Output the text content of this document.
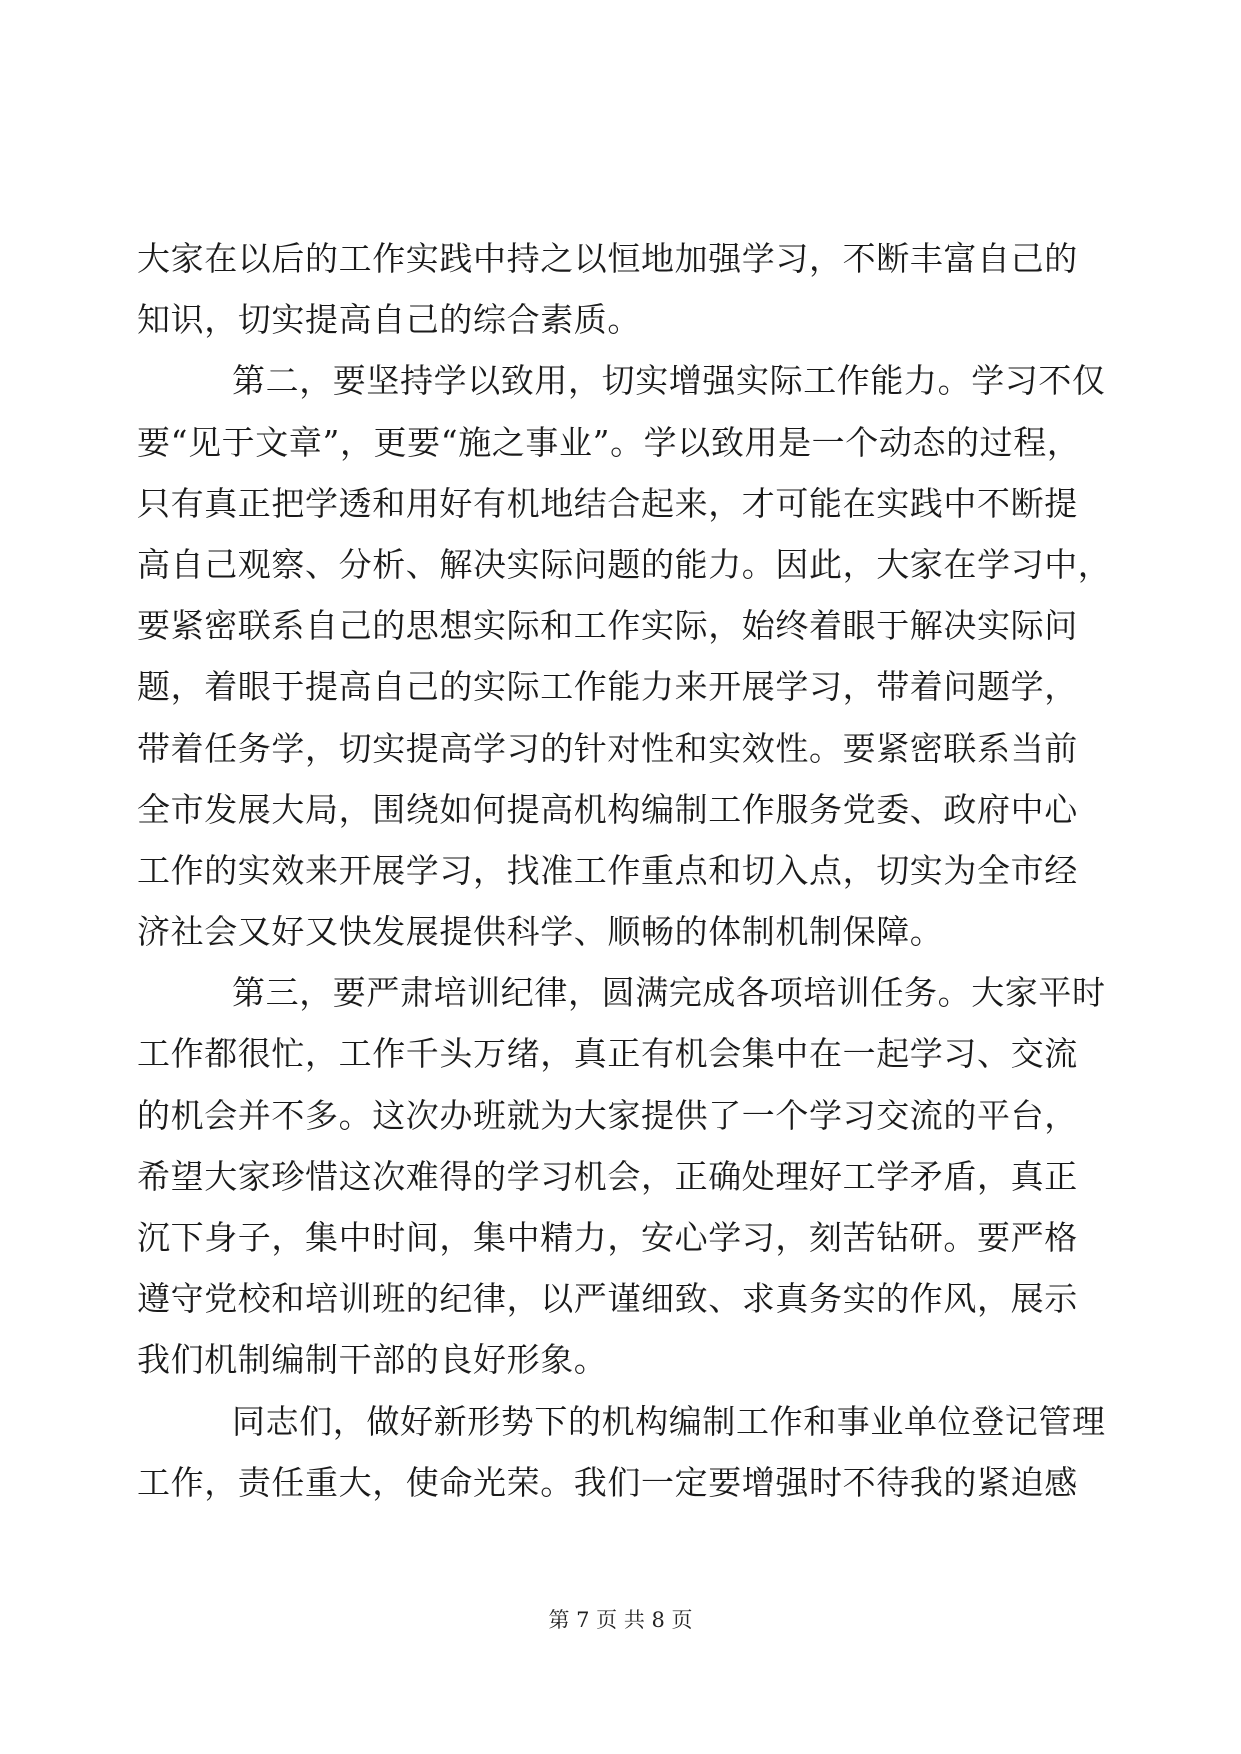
大家在以后的工作实践中持之以恒地加强学习，不断丰富自己的
知识，切实提高自己的综合素质。
第二，要坚持学以致用，切实增强实际工作能力。学习不仅
要“见于文章”，更要“施之事业”。学以致用是一个动态的过程，
只有真正把学透和用好有机地结合起来，才可能在实践中不断提
高自己观察、分析、解决实际问题的能力。因此，大家在学习中，
要紧密联系自己的思想实际和工作实际，始终着眼于解决实际问
题，着眼于提高自己的实际工作能力来开展学习，带着问题学，
带着任务学，切实提高学习的针对性和实效性。要紧密联系当前
全市发展大局，围绕如何提高机构编制工作服务党委、政府中心
工作的实效来开展学习，找准工作重点和切入点，切实为全市经
济社会又好又快发展提供科学、顺畅的体制机制保障。
第三，要严肃培训纪律，圆满完成各项培训任务。大家平时
工作都很忙，工作千头万绪，真正有机会集中在一起学习、交流
的机会并不多。这次办班就为大家提供了一个学习交流的平台，
希望大家珍惜这次难得的学习机会，正确处理好工学矛盾，真正
沉下身子，集中时间，集中精力，安心学习，刻苦钻研。要严格
遵守党校和培训班的纪律，以严谨细致、求真务实的作风，展示
我们机制编制干部的良好形象。
同志们，做好新形势下的机构编制工作和事业单位登记管理
工作，责任重大，使命光荣。我们一定要增强时不待我的紧迫感
第 7 页 共 8 页
